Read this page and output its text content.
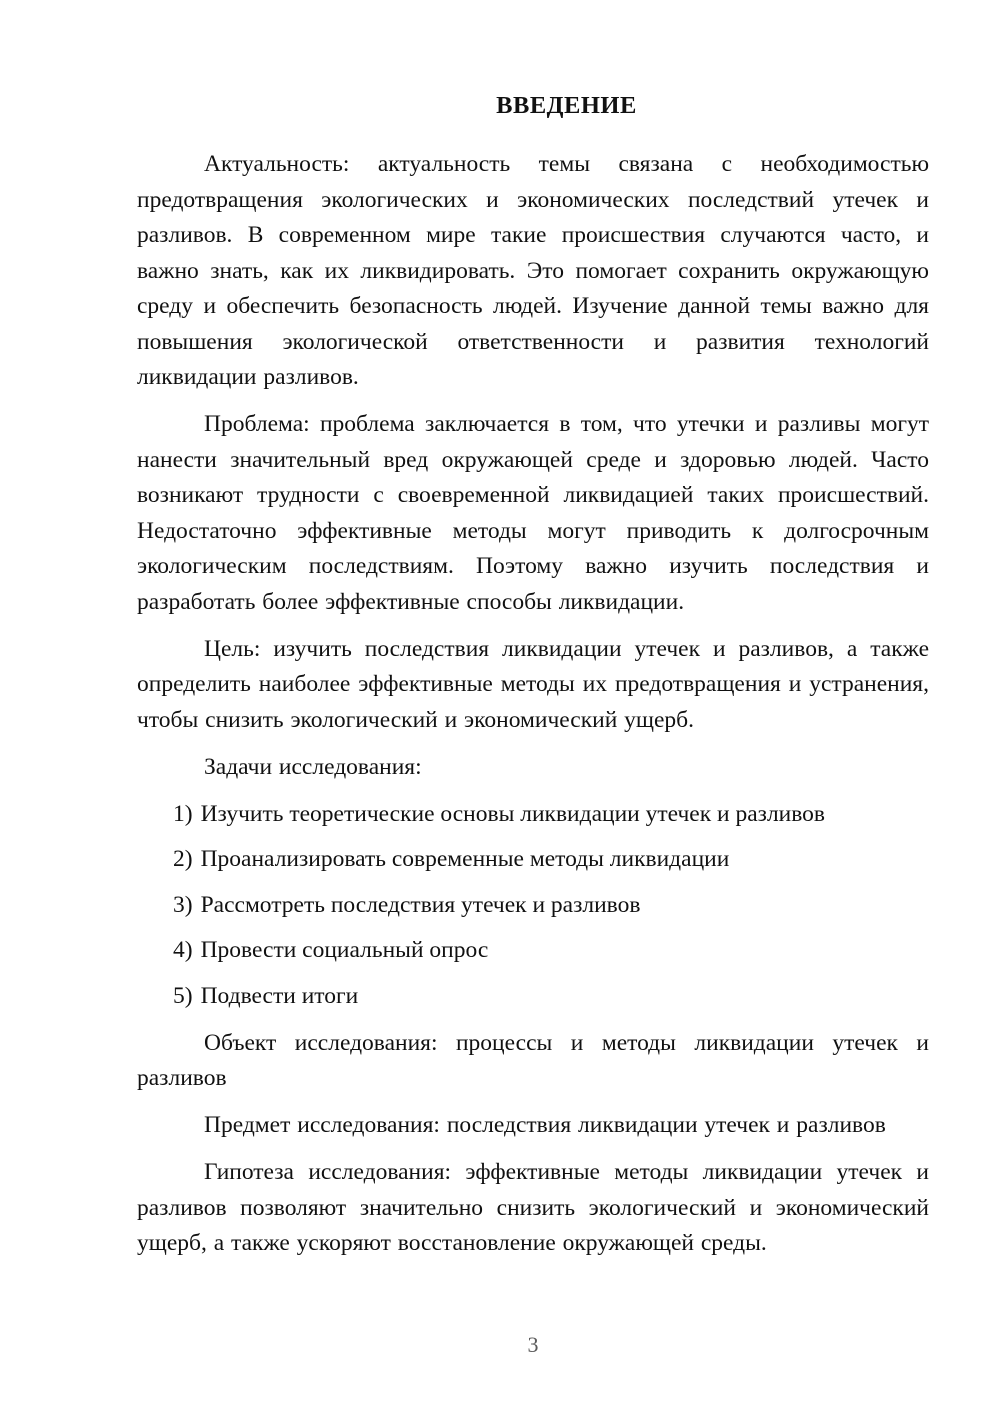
ВВЕДЕНИЕ

Актуальность: актуальность темы связана с необходимостью предотвращения экологических и экономических последствий утечек и разливов. В современном мире такие происшествия случаются часто, и важно знать, как их ликвидировать. Это помогает сохранить окружающую среду и обеспечить безопасность людей. Изучение данной темы важно для повышения экологической ответственности и развития технологий ликвидации разливов.

Проблема: проблема заключается в том, что утечки и разливы могут нанести значительный вред окружающей среде и здоровью людей. Часто возникают трудности с своевременной ликвидацией таких происшествий. Недостаточно эффективные методы могут приводить к долгосрочным экологическим последствиям. Поэтому важно изучить последствия и разработать более эффективные способы ликвидации.

Цель: изучить последствия ликвидации утечек и разливов, а также определить наиболее эффективные методы их предотвращения и устранения, чтобы снизить экологический и экономический ущерб.

Задачи исследования:

1) Изучить теоретические основы ликвидации утечек и разливов

2) Проанализировать современные методы ликвидации

3) Рассмотреть последствия утечек и разливов

4) Провести социальный опрос

5) Подвести итоги

Объект исследования: процессы и методы ликвидации утечек и разливов

Предмет исследования: последствия ликвидации утечек и разливов

Гипотеза исследования: эффективные методы ликвидации утечек и разливов позволяют значительно снизить экологический и экономический ущерб, а также ускоряют восстановление окружающей среды.

3
